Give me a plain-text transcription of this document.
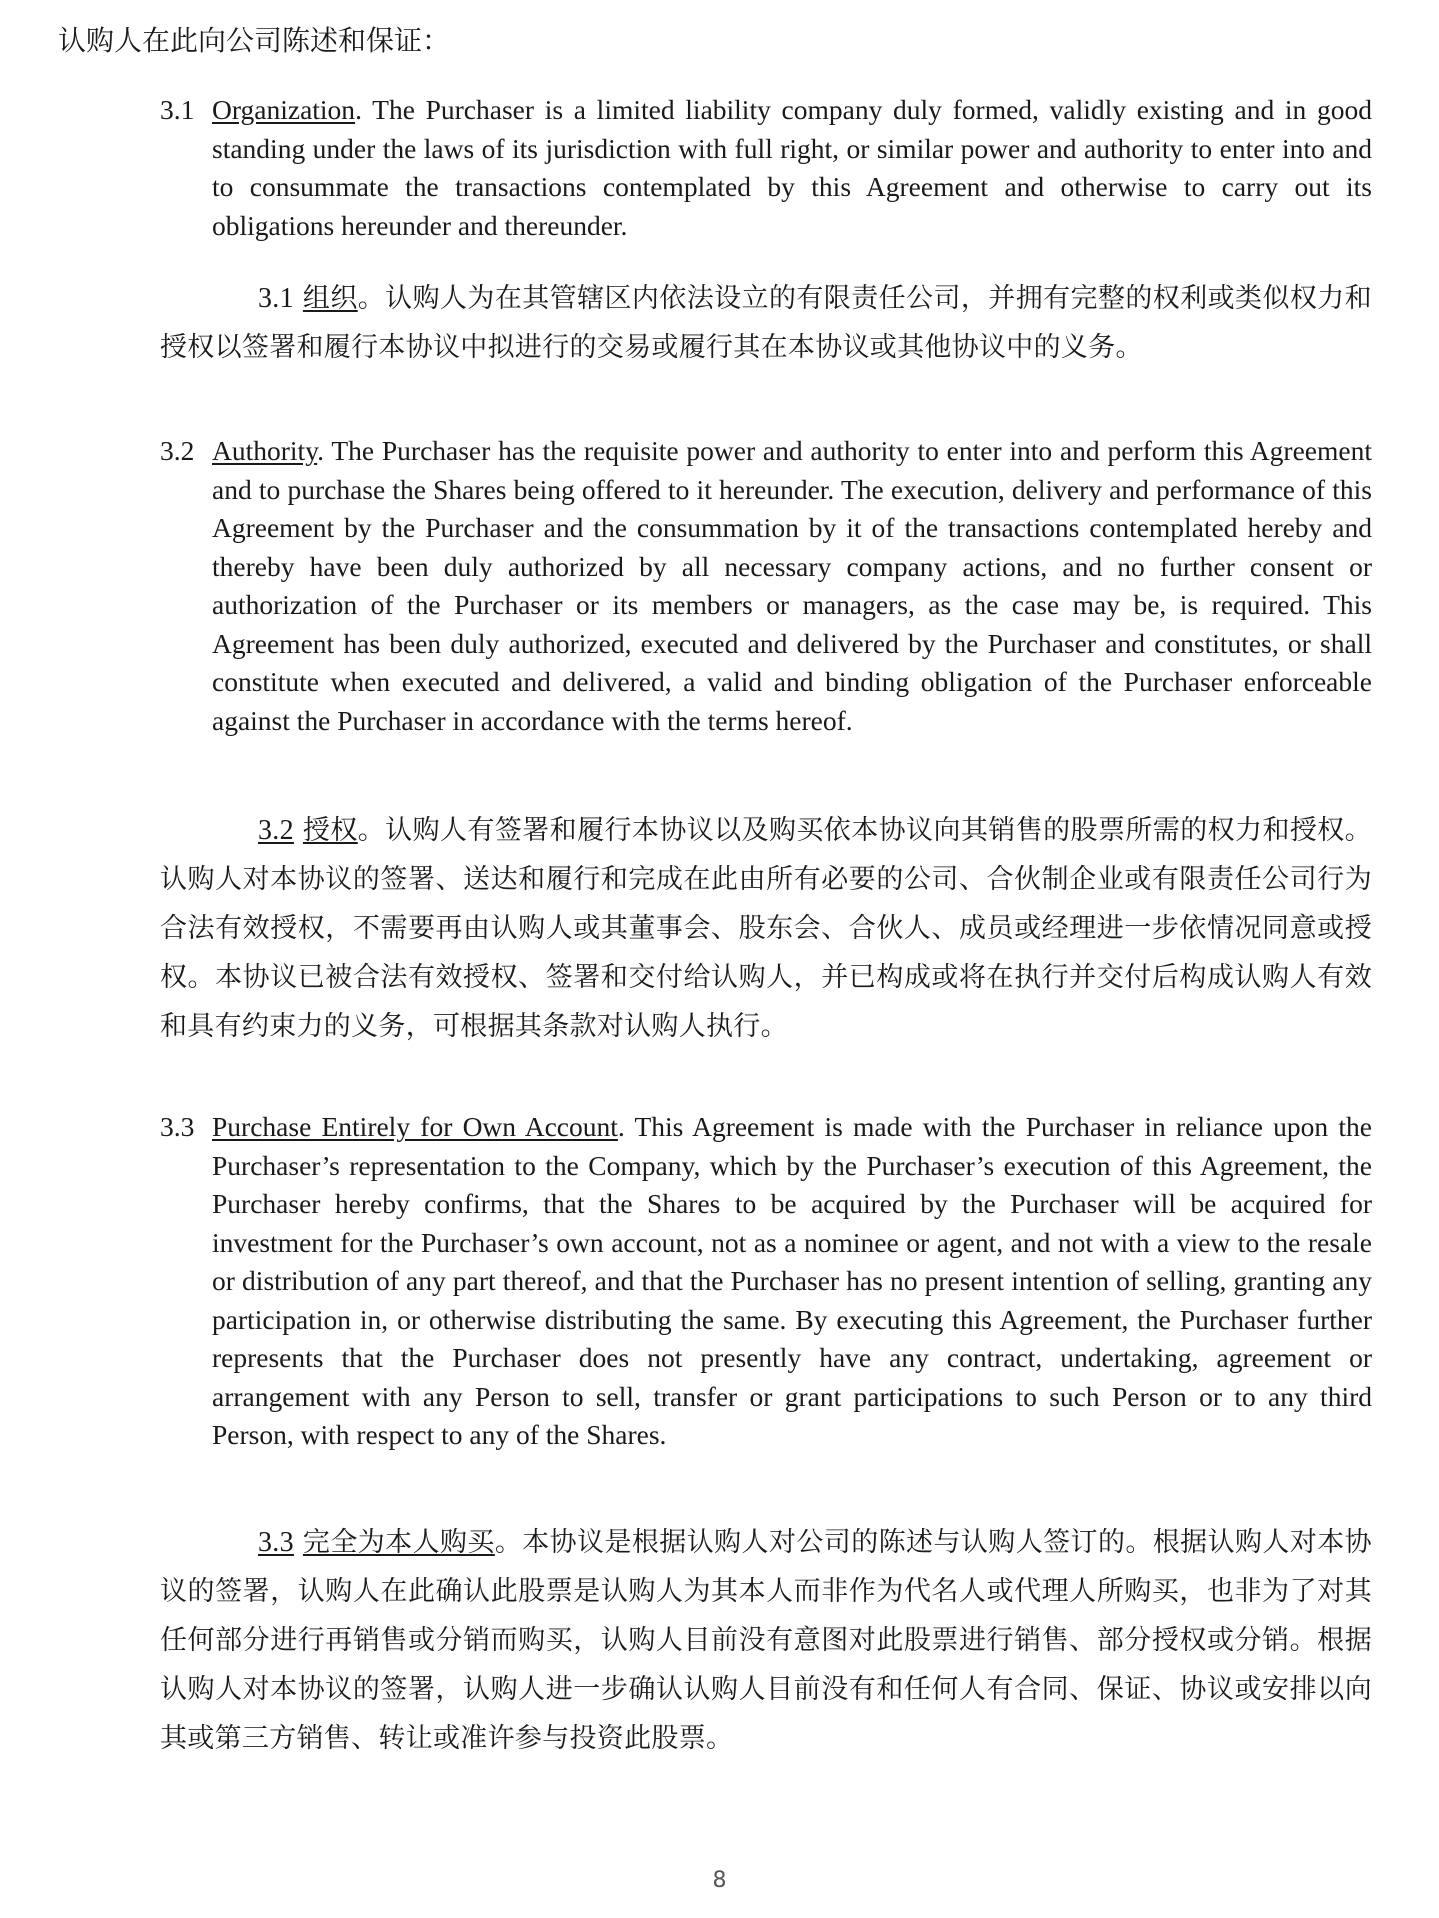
认购人在此向公司陈述和保证：
3.1 Organization. The Purchaser is a limited liability company duly formed, validly existing and in good standing under the laws of its jurisdiction with full right, or similar power and authority to enter into and to consummate the transactions contemplated by this Agreement and otherwise to carry out its obligations hereunder and thereunder.
3.1 组织。认购人为在其管辖区内依法设立的有限责任公司，并拥有完整的权利或类似权力和授权以签署和履行本协议中拟进行的交易或履行其在本协议或其他协议中的义务。
3.2 Authority. The Purchaser has the requisite power and authority to enter into and perform this Agreement and to purchase the Shares being offered to it hereunder. The execution, delivery and performance of this Agreement by the Purchaser and the consummation by it of the transactions contemplated hereby and thereby have been duly authorized by all necessary company actions, and no further consent or authorization of the Purchaser or its members or managers, as the case may be, is required. This Agreement has been duly authorized, executed and delivered by the Purchaser and constitutes, or shall constitute when executed and delivered, a valid and binding obligation of the Purchaser enforceable against the Purchaser in accordance with the terms hereof.
3.2 授权。认购人有签署和履行本协议以及购买依本协议向其销售的股票所需的权力和授权。认购人对本协议的签署、送达和履行和完成在此由所有必要的公司、合伙制企业或有限责任公司行为合法有效授权，不需要再由认购人或其董事会、股东会、合伙人、成员或经理进一步依情况同意或授权。本协议已被合法有效授权、签署和交付给认购人，并已构成或将在执行并交付后构成认购人有效和具有约束力的义务，可根据其条款对认购人执行。
3.3 Purchase Entirely for Own Account. This Agreement is made with the Purchaser in reliance upon the Purchaser’s representation to the Company, which by the Purchaser’s execution of this Agreement, the Purchaser hereby confirms, that the Shares to be acquired by the Purchaser will be acquired for investment for the Purchaser’s own account, not as a nominee or agent, and not with a view to the resale or distribution of any part thereof, and that the Purchaser has no present intention of selling, granting any participation in, or otherwise distributing the same. By executing this Agreement, the Purchaser further represents that the Purchaser does not presently have any contract, undertaking, agreement or arrangement with any Person to sell, transfer or grant participations to such Person or to any third Person, with respect to any of the Shares.
3.3 完全为本人购买。本协议是根据认购人对公司的陈述与认购人签订的。根据认购人对本协议的签署，认购人在此确认此股票是认购人为其本人而非作为代名人或代理人所购买，也非为了对其任何部分进行再销售或分销而购买，认购人目前没有意图对此股票进行销售、部分授权或分销。根据认购人对本协议的签署，认购人进一步确认认购人目前没有和任何人有合同、保证、协议或安排以向其或第三方销售、转让或准许参与投资此股票。
8
